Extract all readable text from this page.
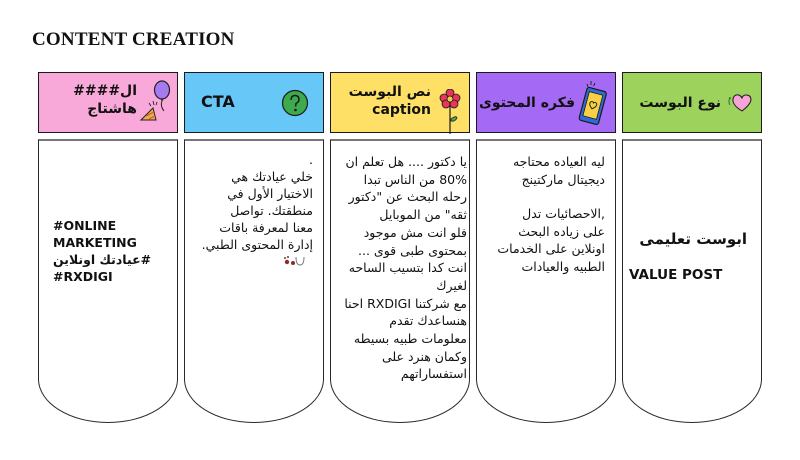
CONTENT CREATION
ال####
هاشتاج
#ONLINE
MARKETING
#عيادتك اونلاين
#RXDIGI
CTA
.
خلي عيادتك هي
الاختيار الأول في
منطقتك. تواصل
معنا لمعرفة باقات
إدارة المحتوى الطبي.
نص البوست
caption
يا دكتور .... هل تعلم ان
80% من الناس تبدا
رحله البحث عن "دكتور
ثقه" من الموبايل
فلو انت مش موجود
بمحتوى طبى قوى ...
انت كدا بتسيب الساحه
لغيرك
مع شركتنا RXDIGI احنا
هنساعدك تقدم
معلومات طبيه بسيطه
وكمان هنرد على
استفساراتهم
فكره المحتوى
ليه العياده محتاجه
ديجيتال ماركتينج
,الاحصائيات تدل
على زياده البحث
اونلاين على الخدمات
الطبيه والعيادات
نوع البوست
ابوست تعليمى
VALUE POST
